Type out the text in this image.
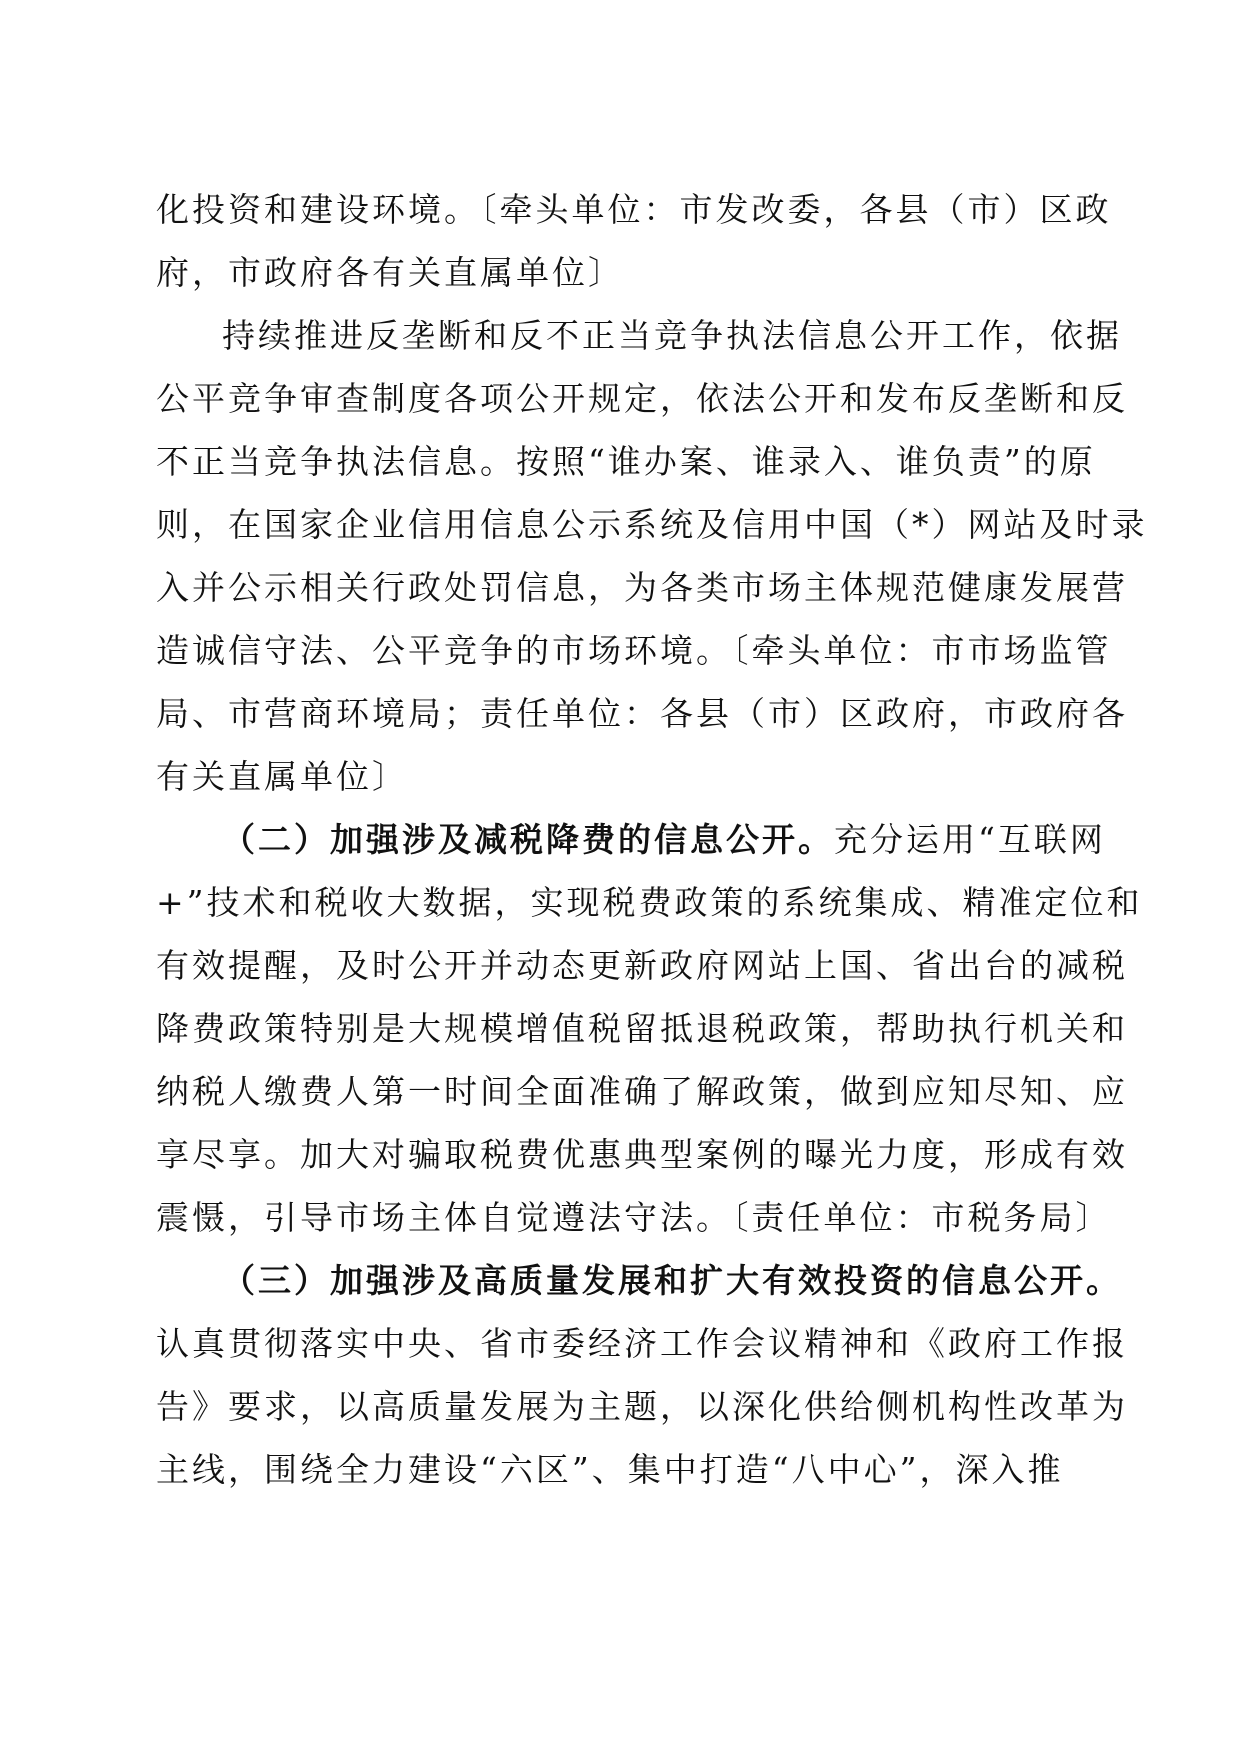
化投资和建设环境。〔牵头单位：市发改委，各县（市）区政
府，市政府各有关直属单位〕
持续推进反垄断和反不正当竞争执法信息公开工作，依据
公平竞争审查制度各项公开规定，依法公开和发布反垄断和反
不正当竞争执法信息。按照“谁办案、谁录入、谁负责”的原
则，在国家企业信用信息公示系统及信用中国（*）网站及时录
入并公示相关行政处罚信息，为各类市场主体规范健康发展营
造诚信守法、公平竞争的市场环境。〔牵头单位：市市场监管
局、市营商环境局；责任单位：各县（市）区政府，市政府各
有关直属单位〕
（二）加强涉及减税降费的信息公开。充分运用“互联网
+”技术和税收大数据，实现税费政策的系统集成、精准定位和
有效提醒，及时公开并动态更新政府网站上国、省出台的减税
降费政策特别是大规模增值税留抵退税政策，帮助执行机关和
纳税人缴费人第一时间全面准确了解政策，做到应知尽知、应
享尽享。加大对骗取税费优惠典型案例的曝光力度，形成有效
震慑，引导市场主体自觉遵法守法。〔责任单位：市税务局〕
（三）加强涉及高质量发展和扩大有效投资的信息公开。
认真贯彻落实中央、省市委经济工作会议精神和《政府工作报
告》要求，以高质量发展为主题，以深化供给侧机构性改革为
主线，围绕全力建设“六区”、集中打造“八中心”，深入推
